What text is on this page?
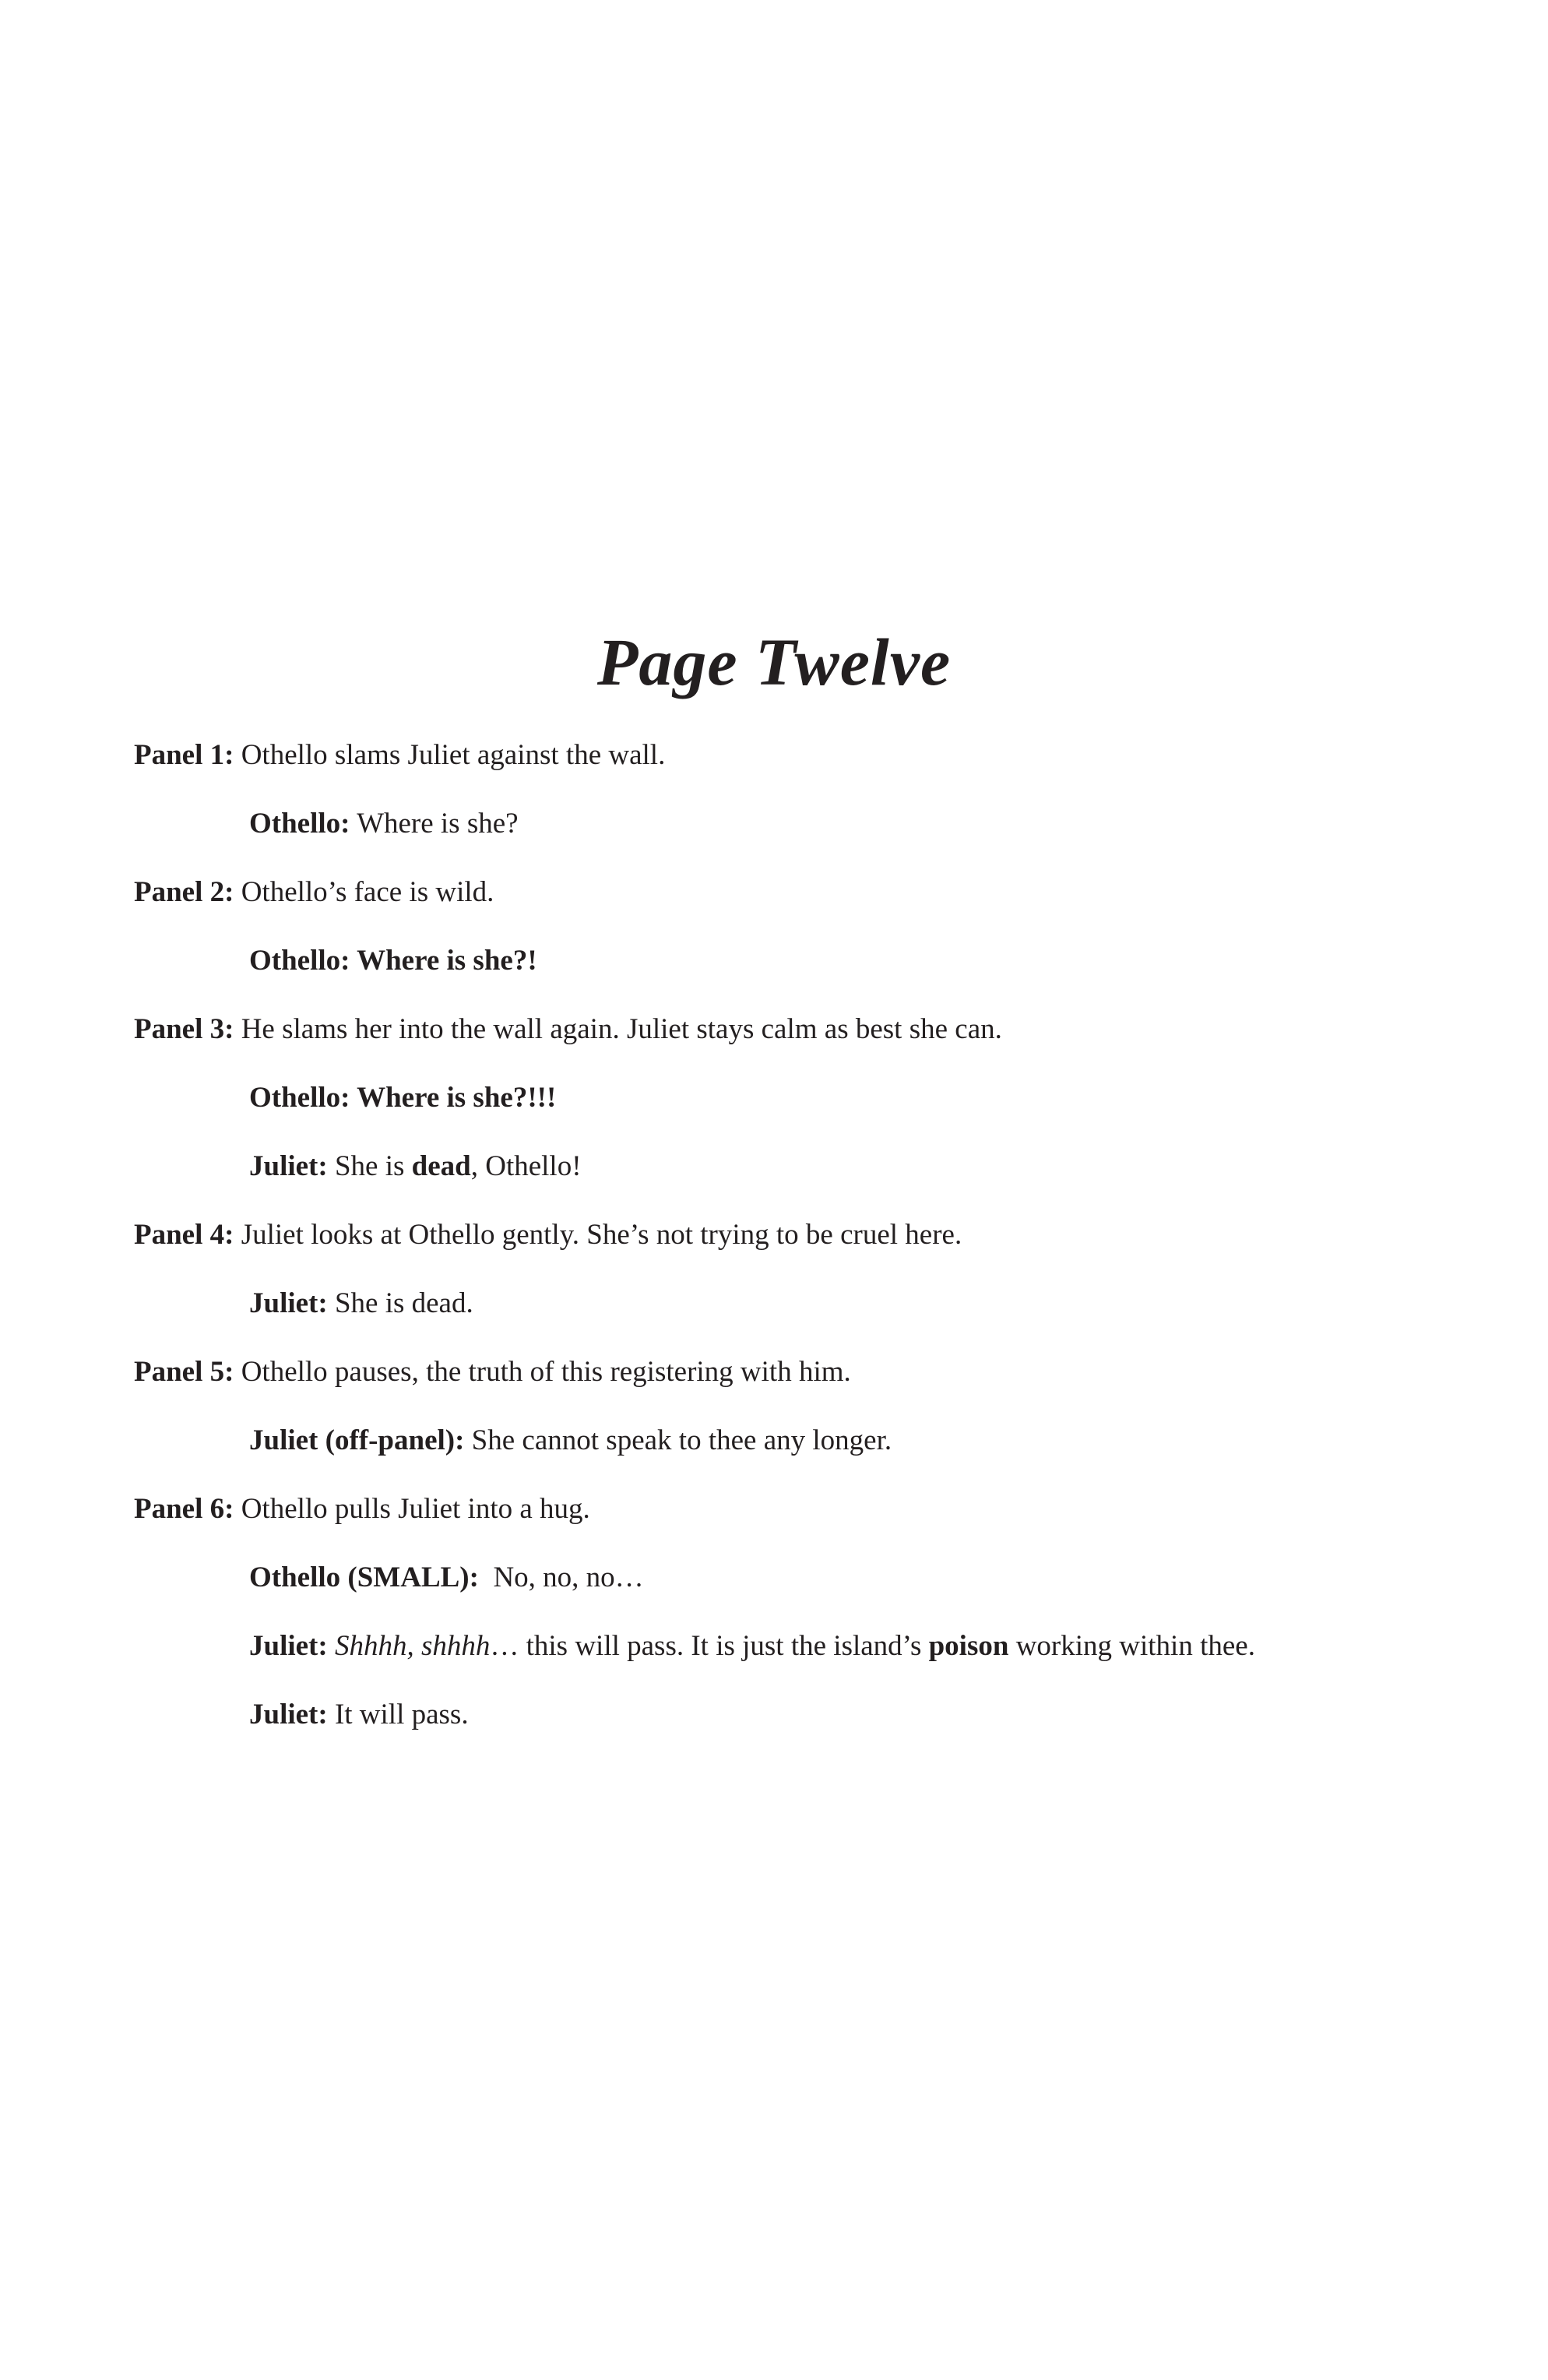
Page Twelve
Panel 1: Othello slams Juliet against the wall.
Othello: Where is she?
Panel 2: Othello’s face is wild.
Othello: Where is she?!
Panel 3: He slams her into the wall again. Juliet stays calm as best she can.
Othello: Where is she?!!!
Juliet: She is dead, Othello!
Panel 4: Juliet looks at Othello gently. She’s not trying to be cruel here.
Juliet: She is dead.
Panel 5: Othello pauses, the truth of this registering with him.
Juliet (off-panel): She cannot speak to thee any longer.
Panel 6: Othello pulls Juliet into a hug.
Othello (SMALL):  No, no, no…
Juliet: Shhhh, shhhh… this will pass. It is just the island’s poison working within thee.
Juliet: It will pass.
